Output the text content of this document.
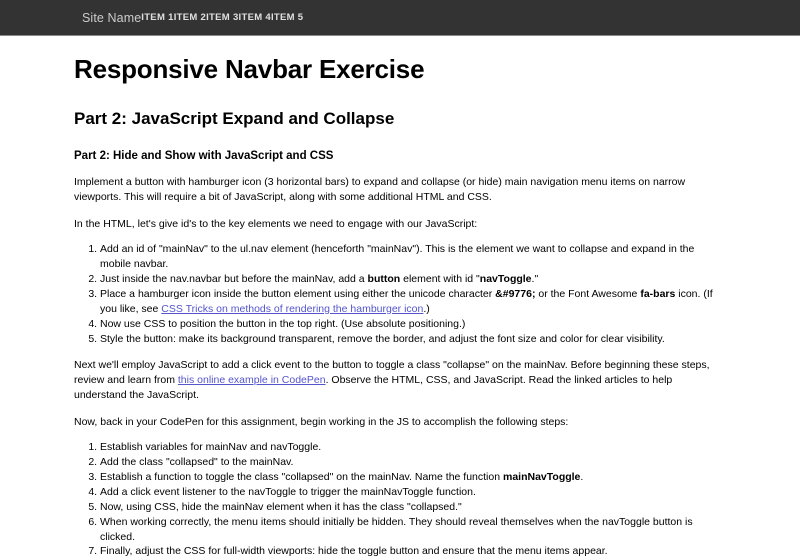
Site Name ITEM 1 ITEM 2 ITEM 3 ITEM 4 ITEM 5
Responsive Navbar Exercise
Part 2: JavaScript Expand and Collapse
Part 2: Hide and Show with JavaScript and CSS

Implement a button with hamburger icon (3 horizontal bars) to expand and collapse (or hide) main navigation menu items on narrow viewports. This will require a bit of JavaScript, along with some additional HTML and CSS.

In the HTML, let's give id's to the key elements we need to engage with our JavaScript:

1. Add an id of "mainNav" to the ul.nav element (henceforth "mainNav"). This is the element we want to collapse and expand in the mobile navbar.
2. Just inside the nav.navbar but before the mainNav, add a button element with id "navToggle."
3. Place a hamburger icon inside the button element using either the unicode character &#9776; or the Font Awesome fa-bars icon. (If you like, see CSS Tricks on methods of rendering the hamburger icon.)
4. Now use CSS to position the button in the top right. (Use absolute positioning.)
5. Style the button: make its background transparent, remove the border, and adjust the font size and color for clear visibility.

Next we'll employ JavaScript to add a click event to the button to toggle a class "collapse" on the mainNav. Before beginning these steps, review and learn from this online example in CodePen. Observe the HTML, CSS, and JavaScript. Read the linked articles to help understand the JavaScript.

Now, back in your CodePen for this assignment, begin working in the JS to accomplish the following steps:

1. Establish variables for mainNav and navToggle.
2. Add the class "collapsed" to the mainNav.
3. Establish a function to toggle the class "collapsed" on the mainNav. Name the function mainNavToggle.
4. Add a click event listener to the navToggle to trigger the mainNavToggle function.
5. Now, using CSS, hide the mainNav element when it has the class "collapsed."
6. When working correctly, the menu items should initially be hidden. They should reveal themselves when the navToggle button is clicked.
7. Finally, adjust the CSS for full-width viewports: hide the toggle button and ensure that the menu items appear.
